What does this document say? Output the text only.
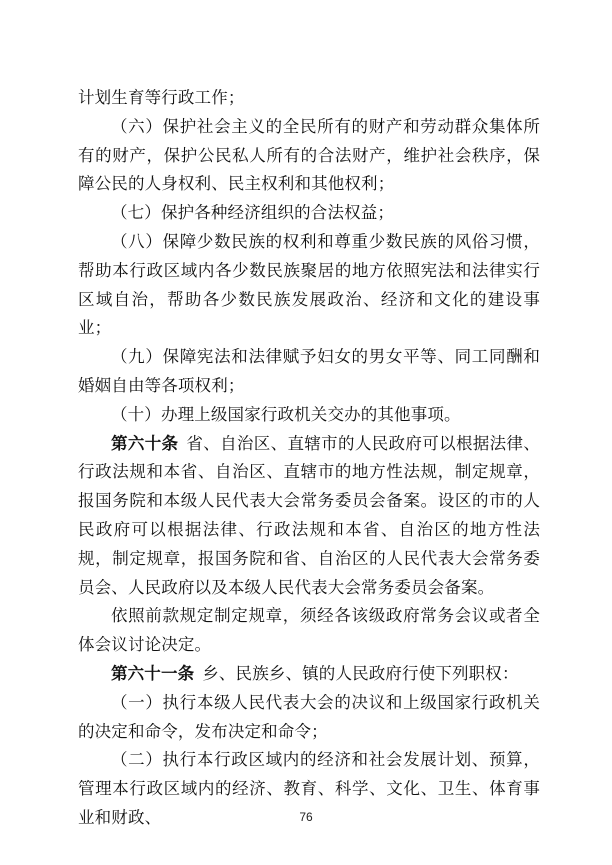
计划生育等行政工作；

（六）保护社会主义的全民所有的财产和劳动群众集体所有的财产，保护公民私人所有的合法财产，维护社会秩序，保障公民的人身权利、民主权利和其他权利；

（七）保护各种经济组织的合法权益；

（八）保障少数民族的权利和尊重少数民族的风俗习惯，帮助本行政区域内各少数民族聚居的地方依照宪法和法律实行区域自治，帮助各少数民族发展政治、经济和文化的建设事业；

（九）保障宪法和法律赋予妇女的男女平等、同工同酬和婚姻自由等各项权利；

（十）办理上级国家行政机关交办的其他事项。

第六十条 省、自治区、直辖市的人民政府可以根据法律、行政法规和本省、自治区、直辖市的地方性法规，制定规章，报国务院和本级人民代表大会常务委员会备案。设区的市的人民政府可以根据法律、行政法规和本省、自治区的地方性法规，制定规章，报国务院和省、自治区的人民代表大会常务委员会、人民政府以及本级人民代表大会常务委员会备案。

依照前款规定制定规章，须经各该级政府常务会议或者全体会议讨论决定。

第六十一条 乡、民族乡、镇的人民政府行使下列职权：

（一）执行本级人民代表大会的决议和上级国家行政机关的决定和命令，发布决定和命令；

（二）执行本行政区域内的经济和社会发展计划、预算，管理本行政区域内的经济、教育、科学、文化、卫生、体育事业和财政、	76
